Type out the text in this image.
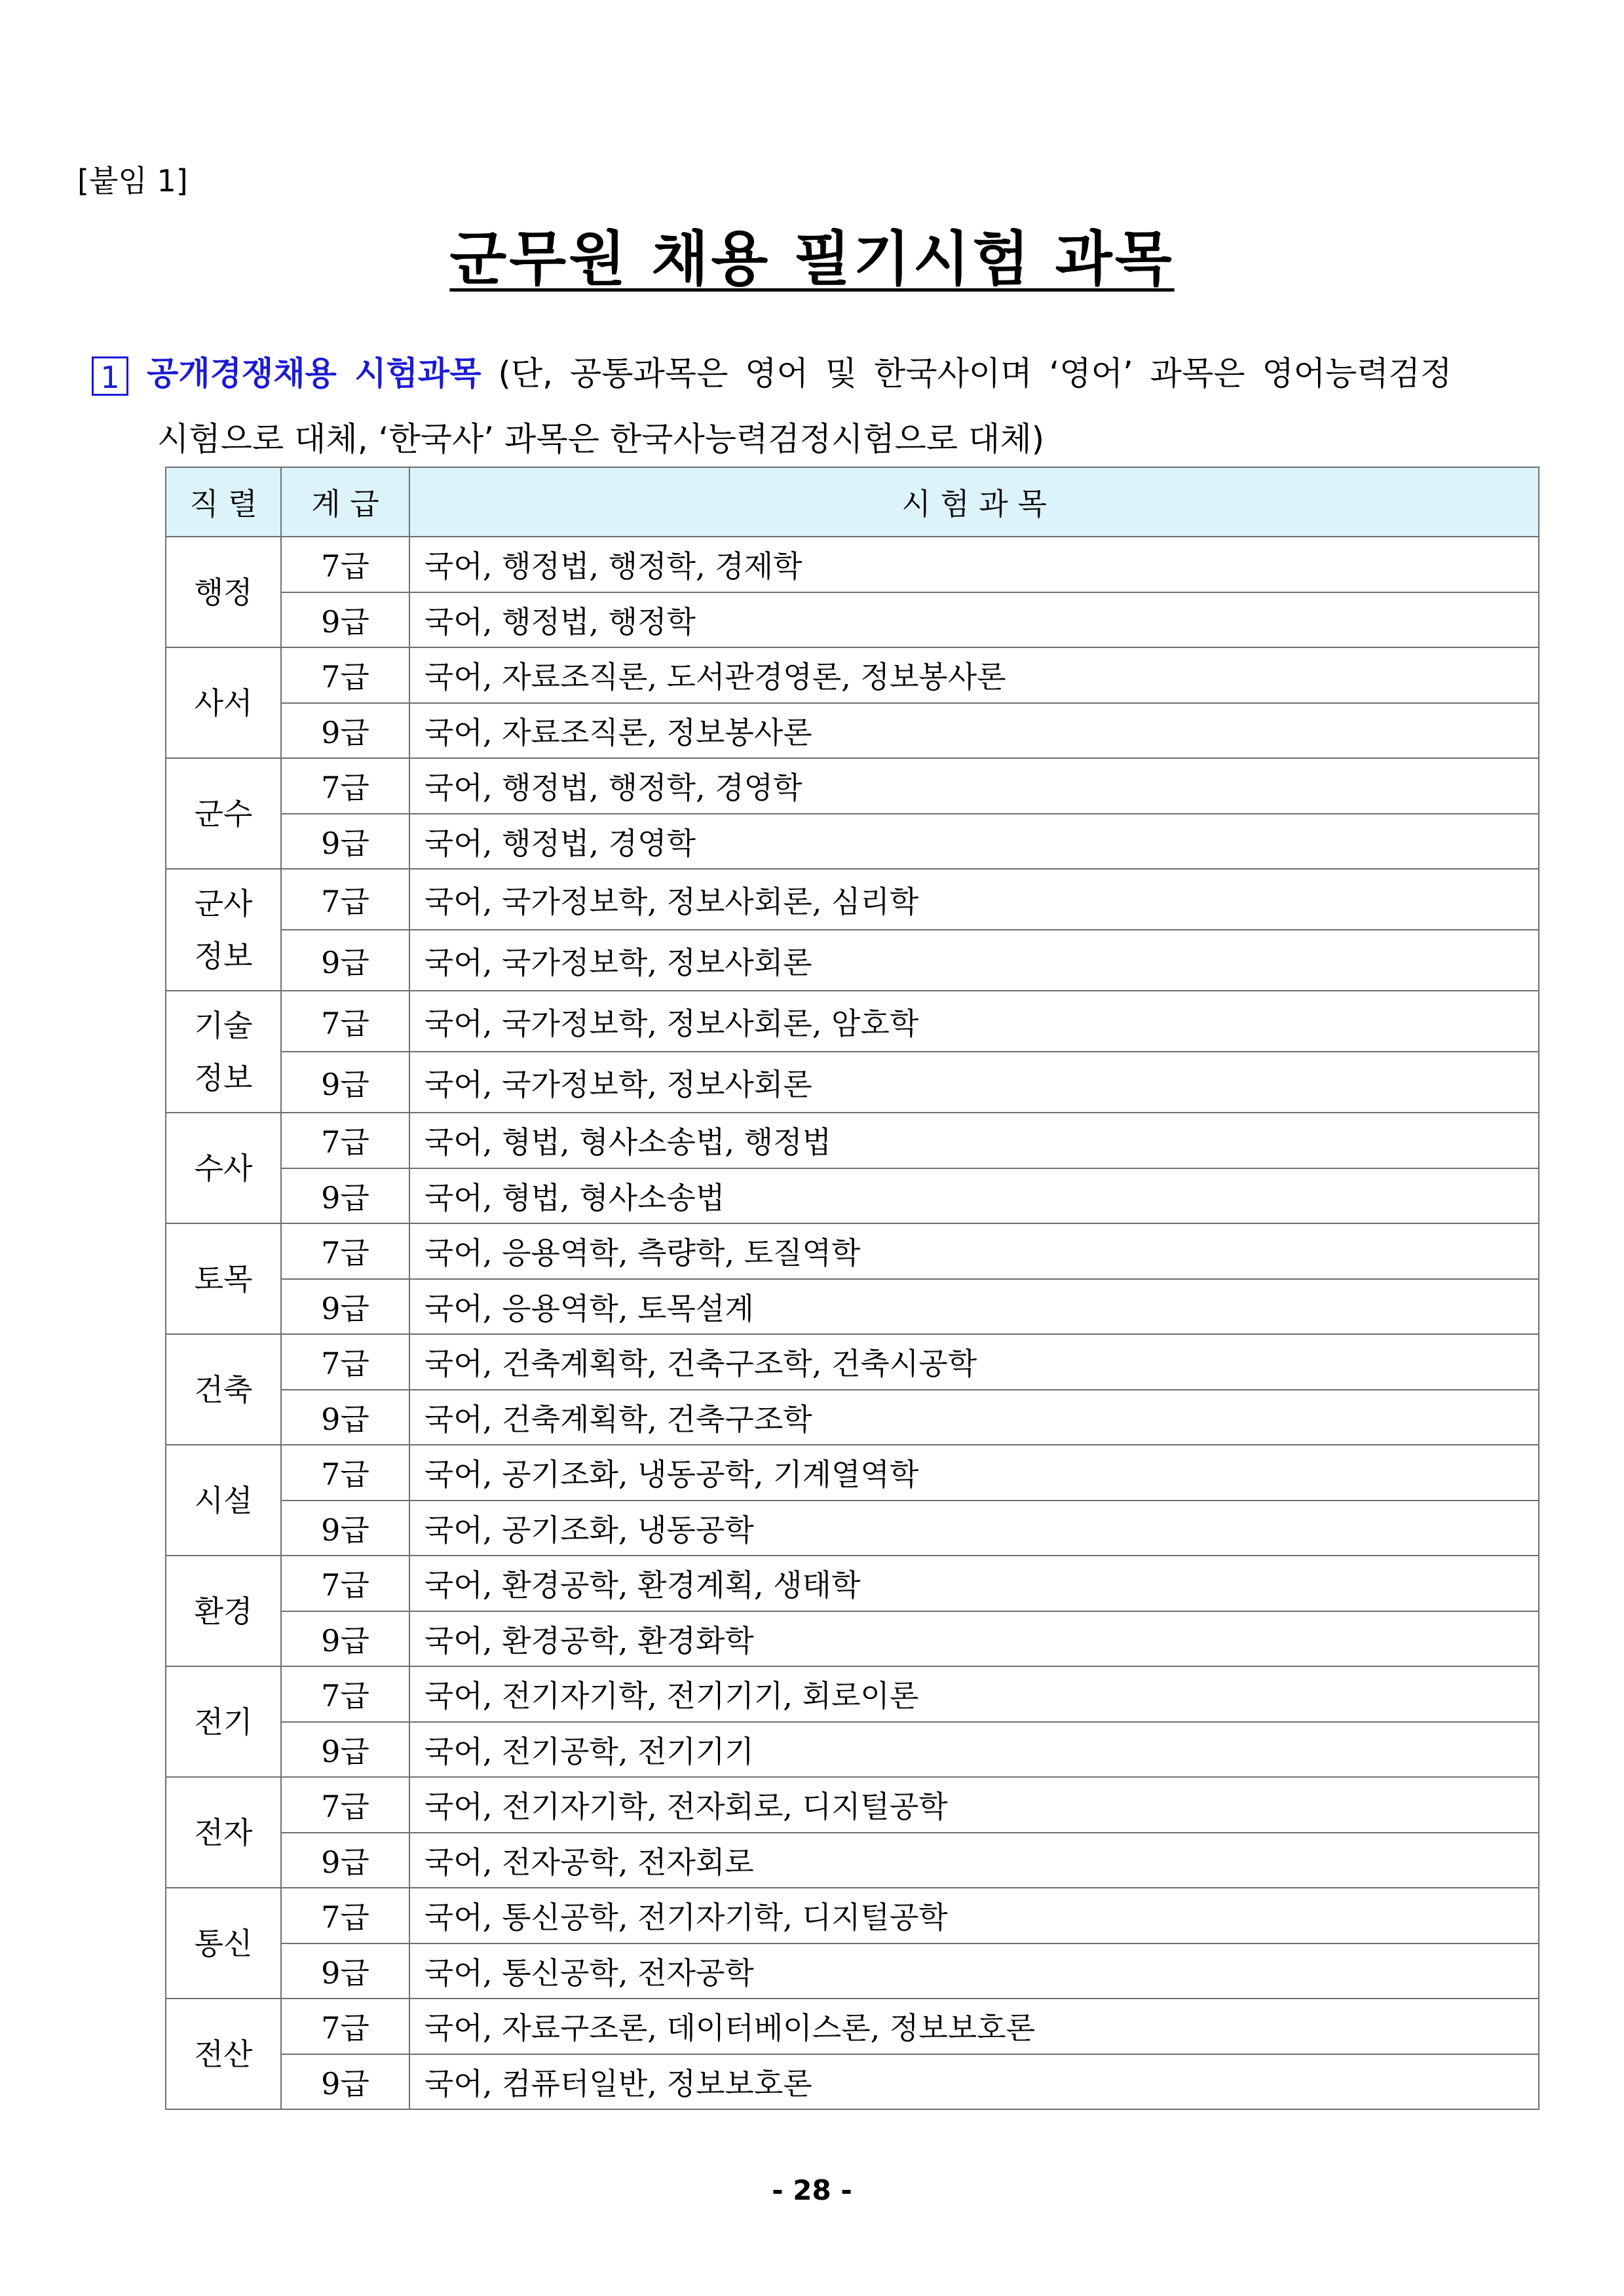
[붙임 1]
군무원 채용 필기시험 과목
1 공개경쟁채용 시험과목 (단, 공통과목은 영어 및 한국사이며 ‘영어’ 과목은 영어능력검정
시험으로 대체, ‘한국사’ 과목은 한국사능력검정시험으로 대체)
직 렬	계 급	시 험 과 목
행정	7급	국어, 행정법, 행정학, 경제학
	9급	국어, 행정법, 행정학
사서	7급	국어, 자료조직론, 도서관경영론, 정보봉사론
	9급	국어, 자료조직론, 정보봉사론
군수	7급	국어, 행정법, 행정학, 경영학
	9급	국어, 행정법, 경영학
군사
정보	7급	국어, 국가정보학, 정보사회론, 심리학
	9급	국어, 국가정보학, 정보사회론
기술
정보	7급	국어, 국가정보학, 정보사회론, 암호학
	9급	국어, 국가정보학, 정보사회론
수사	7급	국어, 형법, 형사소송법, 행정법
	9급	국어, 형법, 형사소송법
토목	7급	국어, 응용역학, 측량학, 토질역학
	9급	국어, 응용역학, 토목설계
건축	7급	국어, 건축계획학, 건축구조학, 건축시공학
	9급	국어, 건축계획학, 건축구조학
시설	7급	국어, 공기조화, 냉동공학, 기계열역학
	9급	국어, 공기조화, 냉동공학
환경	7급	국어, 환경공학, 환경계획, 생태학
	9급	국어, 환경공학, 환경화학
전기	7급	국어, 전기자기학, 전기기기, 회로이론
	9급	국어, 전기공학, 전기기기
전자	7급	국어, 전기자기학, 전자회로, 디지털공학
	9급	국어, 전자공학, 전자회로
통신	7급	국어, 통신공학, 전기자기학, 디지털공학
	9급	국어, 통신공학, 전자공학
전산	7급	국어, 자료구조론, 데이터베이스론, 정보보호론
	9급	국어, 컴퓨터일반, 정보보호론
- 28 -
